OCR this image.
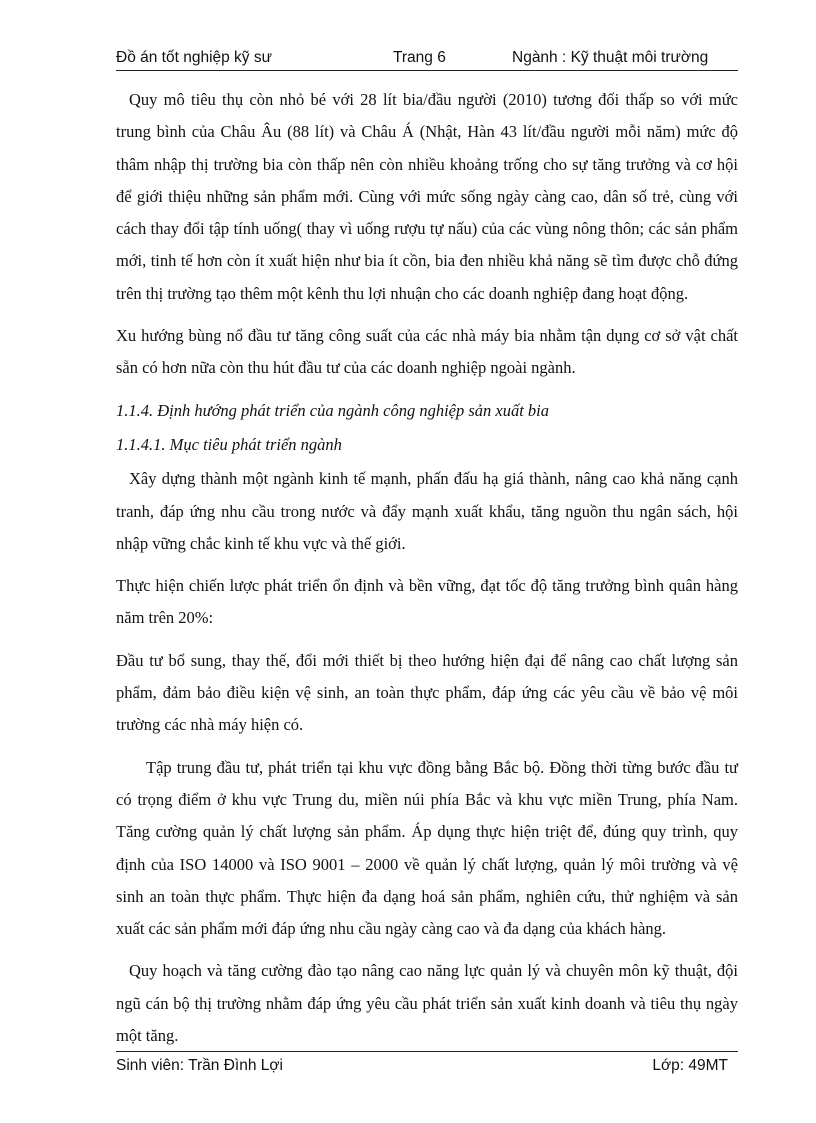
Đồ án tốt nghiệp kỹ sư	Trang 6	Ngành : Kỹ thuật môi trường

Quy mô tiêu thụ còn nhỏ bé với 28 lít bia/đầu người (2010) tương đối thấp so với mức trung bình của Châu Âu (88 lít) và Châu Á (Nhật, Hàn 43 lít/đầu người mỗi năm) mức độ thâm nhập thị trường bia còn thấp nên còn nhiều khoảng trống cho sự tăng trưởng và cơ hội để giới thiệu những sản phẩm mới. Cùng với mức sống ngày càng cao, dân số trẻ, cùng với cách thay đổi tập tính uống( thay vì uống rượu tự nấu) của các vùng nông thôn; các sản phẩm mới, tinh tế hơn còn ít xuất hiện như bia ít cồn, bia đen nhiều khả năng sẽ tìm được chỗ đứng trên thị trường tạo thêm một kênh thu lợi nhuận cho các doanh nghiệp đang hoạt động.

Xu hướng bùng nổ đầu tư tăng công suất của các nhà máy bia nhằm tận dụng cơ sở vật chất sẵn có hơn nữa còn thu hút đầu tư của các doanh nghiệp ngoài ngành.

1.1.4. Định hướng phát triển của ngành công nghiệp sản xuất bia

1.1.4.1. Mục tiêu phát triển ngành

Xây dựng thành một ngành kinh tế mạnh, phấn đấu hạ giá thành, nâng cao khả năng cạnh tranh, đáp ứng nhu cầu trong nước và đẩy mạnh xuất khẩu, tăng nguồn thu ngân sách, hội nhập vững chắc kinh tế khu vực và thế giới.

Thực hiện chiến lược phát triển ổn định và bền vững, đạt tốc độ tăng trưởng bình quân hàng năm trên 20%:

Đầu tư bổ sung, thay thế, đổi mới thiết bị theo hướng hiện đại để nâng cao chất lượng sản phẩm, đảm bảo điều kiện vệ sinh, an toàn thực phẩm, đáp ứng các yêu cầu về bảo vệ môi trường các nhà máy hiện có.

Tập trung đầu tư, phát triển tại khu vực đồng bằng Bắc bộ. Đồng thời từng bước đầu tư có trọng điểm ở khu vực Trung du, miền núi phía Bắc và khu vực miền Trung, phía Nam. Tăng cường quản lý chất lượng sản phẩm. Áp dụng thực hiện triệt để, đúng quy trình, quy định của ISO 14000 và ISO 9001 – 2000 về quản lý chất lượng, quản lý môi trường và vệ sinh an toàn thực phẩm. Thực hiện đa dạng hoá sản phẩm, nghiên cứu, thử nghiệm và sản xuất các sản phẩm mới đáp ứng nhu cầu ngày càng cao và đa dạng của khách hàng.

Quy hoạch và tăng cường đào tạo nâng cao năng lực quản lý và chuyên môn kỹ thuật, đội ngũ cán bộ thị trường nhằm đáp ứng yêu cầu phát triển sản xuất kinh doanh và tiêu thụ ngày một tăng.

Sinh viên: Trần Đình Lợi	Lớp: 49MT
